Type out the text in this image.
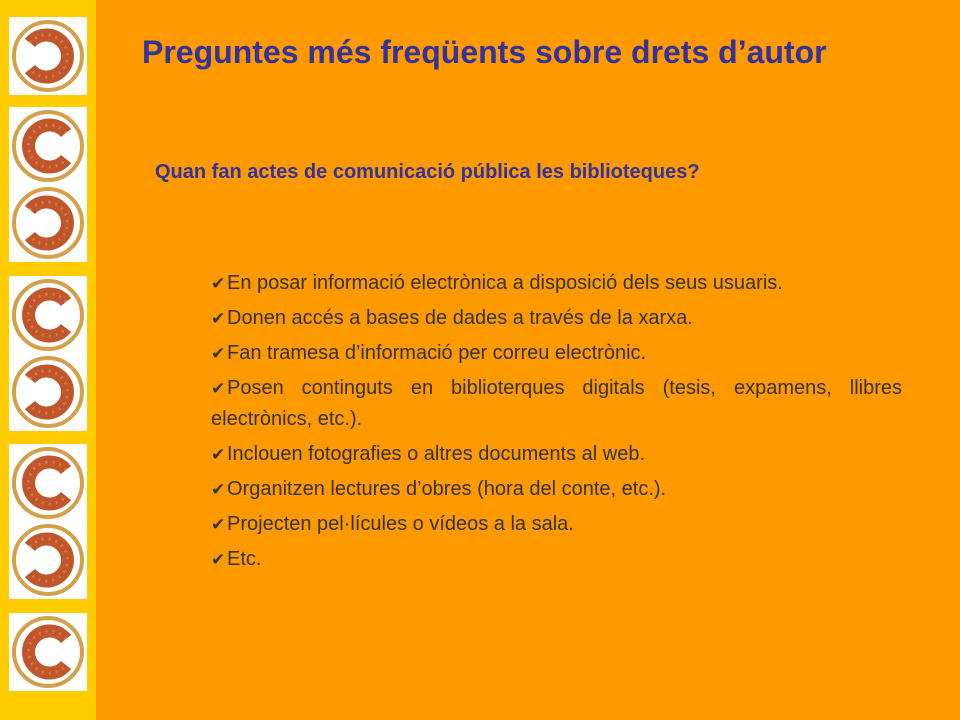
Preguntes més freqüents sobre drets d’autor
Quan fan actes de comunicació pública les biblioteques?
✔En posar informació electrònica a disposició dels seus usuaris.
✔Donen accés a bases de dades a través de la xarxa.
✔Fan tramesa d’informació per correu electrònic.
✔Posen continguts en biblioterques digitals (tesis, expamens, llibres electrònics, etc.).
✔Inclouen fotografies o altres documents al web.
✔Organitzen lectures d’obres (hora del conte, etc.).
✔Projecten pel·lícules o vídeos a la sala.
✔Etc.
